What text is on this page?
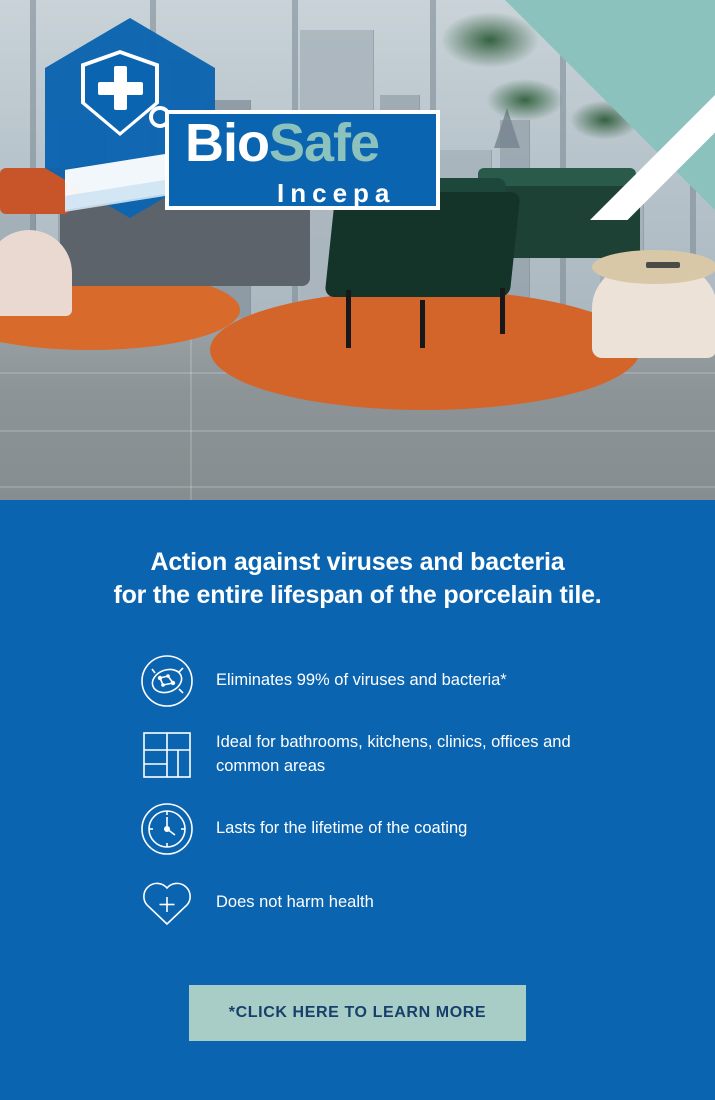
BioSafe
Incepa
Action against viruses and bacteria
for the entire lifespan of the porcelain tile.
Eliminates 99% of viruses and bacteria*
Ideal for bathrooms, kitchens, clinics, offices and common areas
Lasts for the lifetime of the coating
Does not harm health
*CLICK HERE TO LEARN MORE
